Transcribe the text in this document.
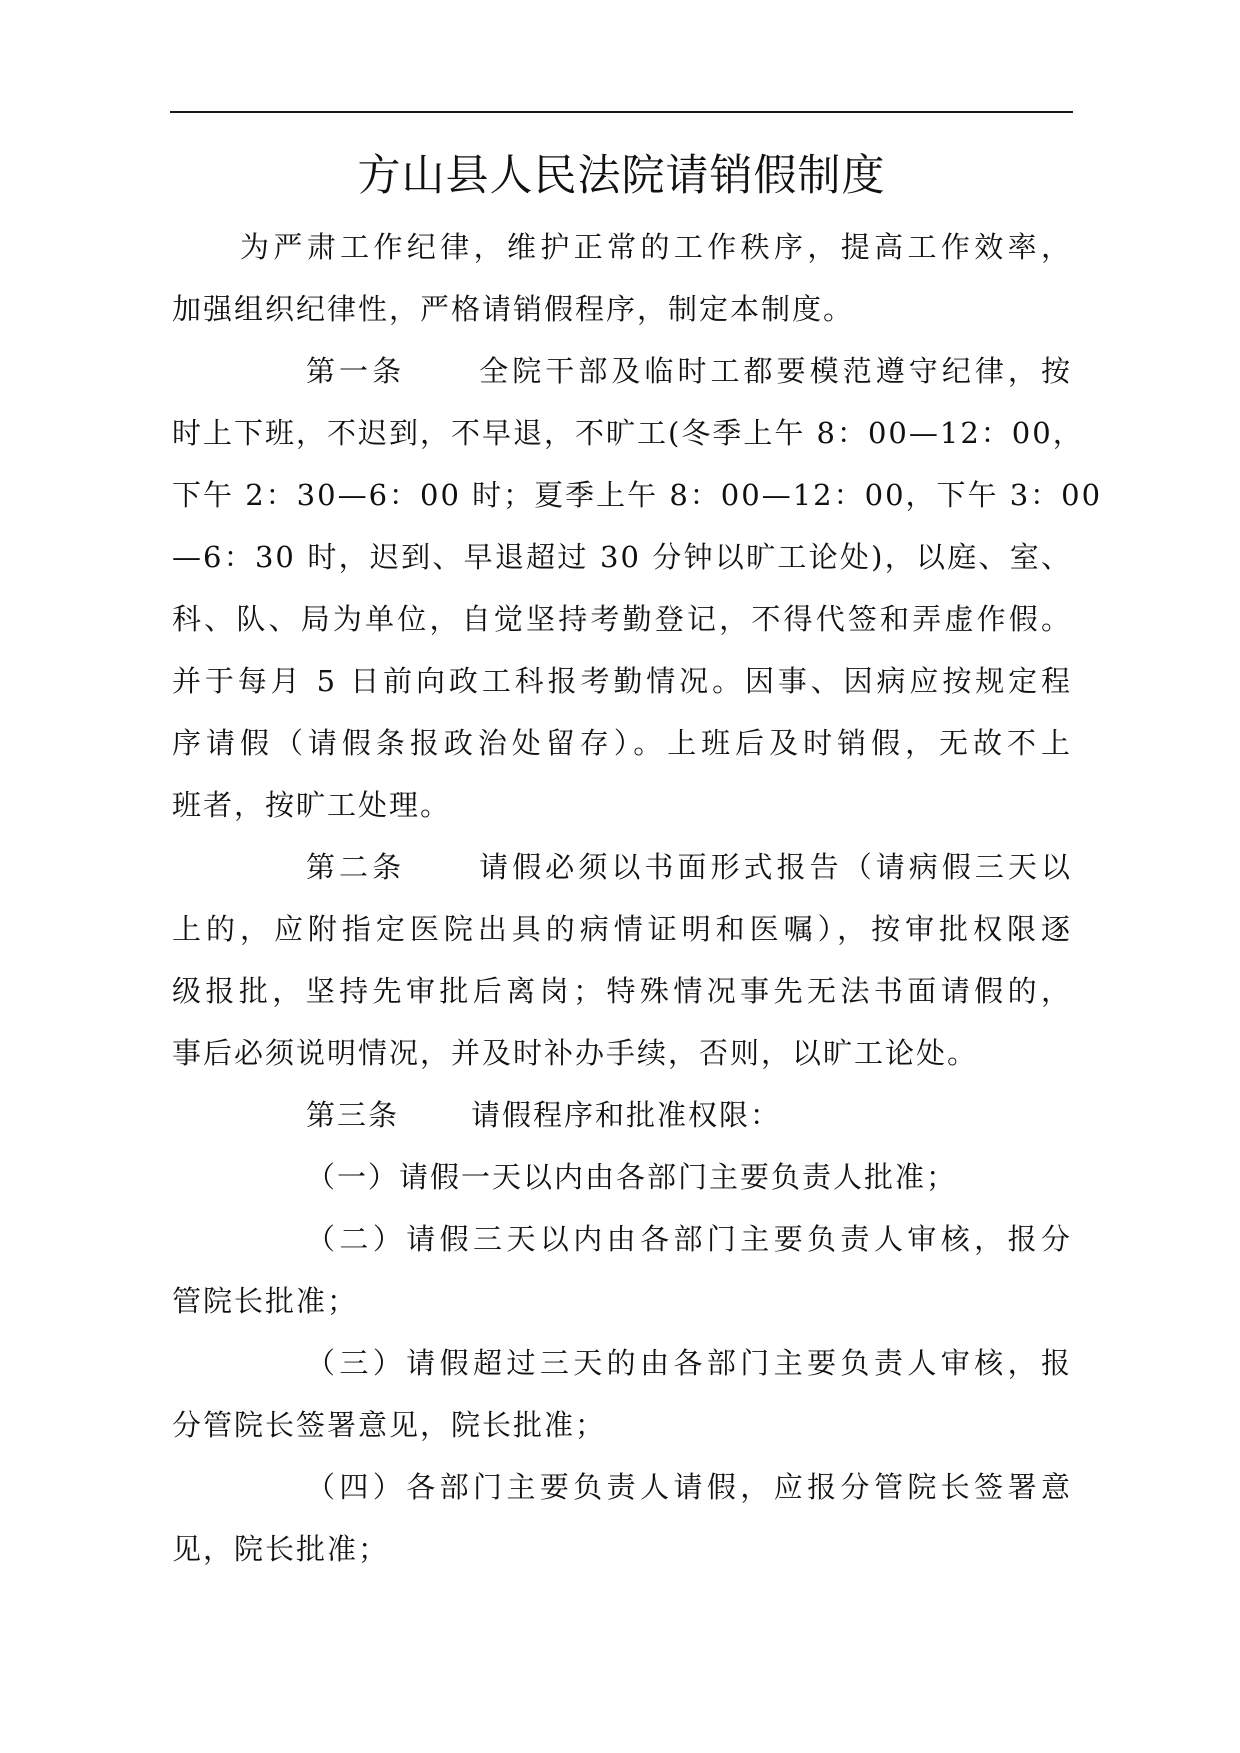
方山县人民法院请销假制度
为严肃工作纪律，维护正常的工作秩序，提高工作效率，
加强组织纪律性，严格请销假程序，制定本制度。
第一条 全院干部及临时工都要模范遵守纪律，按
时上下班，不迟到，不早退，不旷工(冬季上午 8：00—12：00，
下午 2：30—6：00 时；夏季上午 8：00—12：00，下午 3：00
—6：30 时，迟到、早退超过 30 分钟以旷工论处)，以庭、室、
科、队、局为单位，自觉坚持考勤登记，不得代签和弄虚作假。
并于每月 5 日前向政工科报考勤情况。因事、因病应按规定程
序请假（请假条报政治处留存）。上班后及时销假，无故不上
班者，按旷工处理。
第二条 请假必须以书面形式报告（请病假三天以
上的，应附指定医院出具的病情证明和医嘱），按审批权限逐
级报批，坚持先审批后离岗；特殊情况事先无法书面请假的，
事后必须说明情况，并及时补办手续，否则，以旷工论处。
第三条 请假程序和批准权限：
（一）请假一天以内由各部门主要负责人批准；
（二）请假三天以内由各部门主要负责人审核，报分
管院长批准；
（三）请假超过三天的由各部门主要负责人审核，报
分管院长签署意见，院长批准；
（四）各部门主要负责人请假，应报分管院长签署意
见，院长批准；
